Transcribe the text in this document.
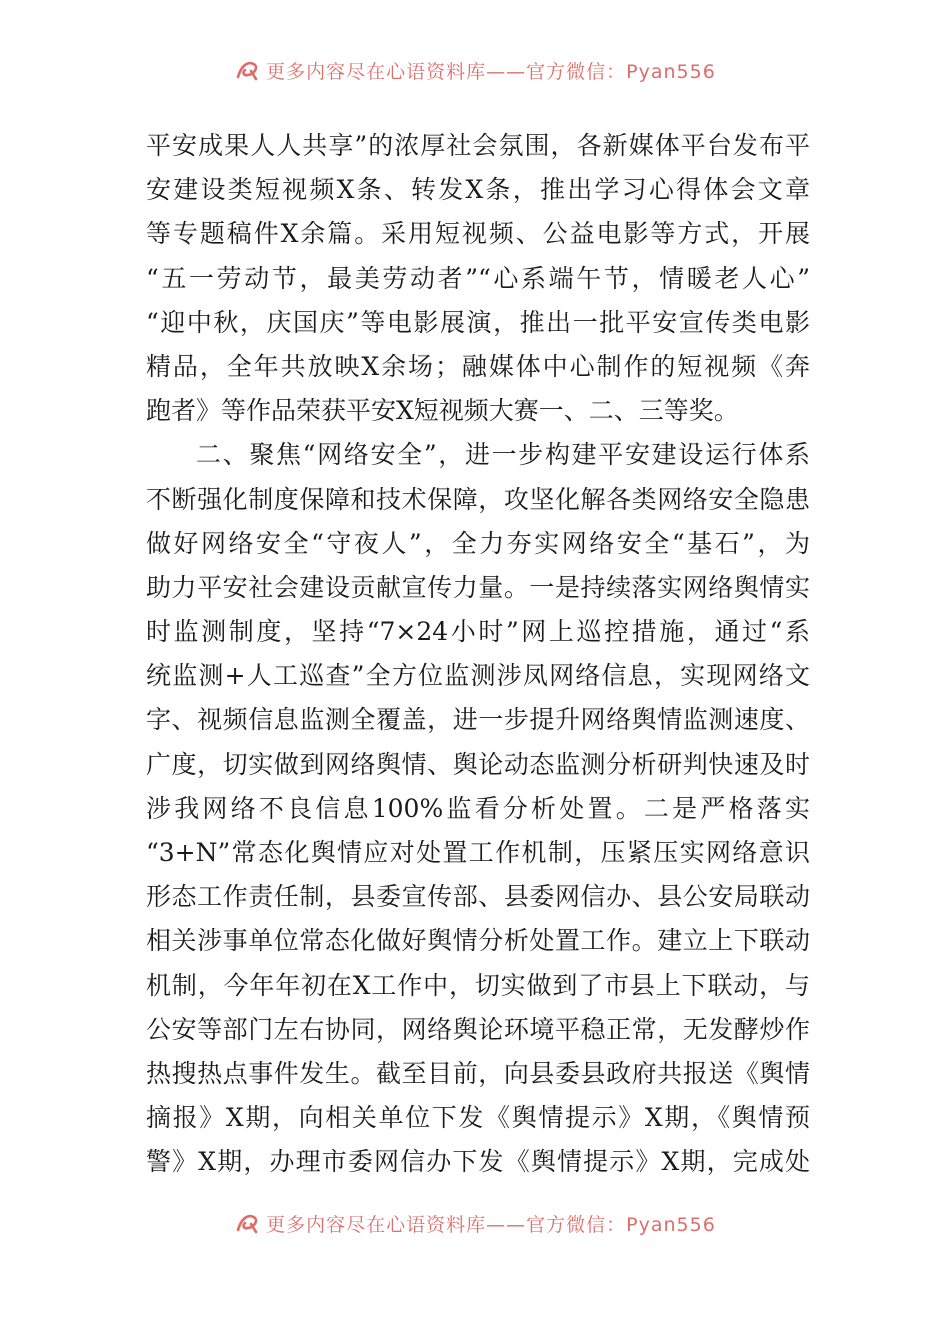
更多内容尽在心语资料库——官方微信：Pyan556
平安成果人人共享”的浓厚社会氛围，各新媒体平台发布平
安建设类短视频X条、转发X条，推出学习心得体会文章
等专题稿件X余篇。采用短视频、公益电影等方式，开展
“五一劳动节，最美劳动者”“心系端午节，情暖老人心”
“迎中秋，庆国庆”等电影展演，推出一批平安宣传类电影
精品，全年共放映X余场；融媒体中心制作的短视频《奔
跑者》等作品荣获平安X短视频大赛一、二、三等奖。
二、聚焦“网络安全”，进一步构建平安建设运行体系
不断强化制度保障和技术保障，攻坚化解各类网络安全隐患
做好网络安全“守夜人”，全力夯实网络安全“基石”，为
助力平安社会建设贡献宣传力量。一是持续落实网络舆情实
时监测制度，坚持“7×24小时”网上巡控措施，通过“系
统监测+人工巡查”全方位监测涉凤网络信息，实现网络文
字、视频信息监测全覆盖，进一步提升网络舆情监测速度、
广度，切实做到网络舆情、舆论动态监测分析研判快速及时
涉我网络不良信息100%监看分析处置。二是严格落实
“3+N”常态化舆情应对处置工作机制，压紧压实网络意识
形态工作责任制，县委宣传部、县委网信办、县公安局联动
相关涉事单位常态化做好舆情分析处置工作。建立上下联动
机制，今年年初在X工作中，切实做到了市县上下联动，与
公安等部门左右协同，网络舆论环境平稳正常，无发酵炒作
热搜热点事件发生。截至目前，向县委县政府共报送《舆情
摘报》X期，向相关单位下发《舆情提示》X期，《舆情预
警》X期，办理市委网信办下发《舆情提示》X期，完成处
更多内容尽在心语资料库——官方微信：Pyan556
